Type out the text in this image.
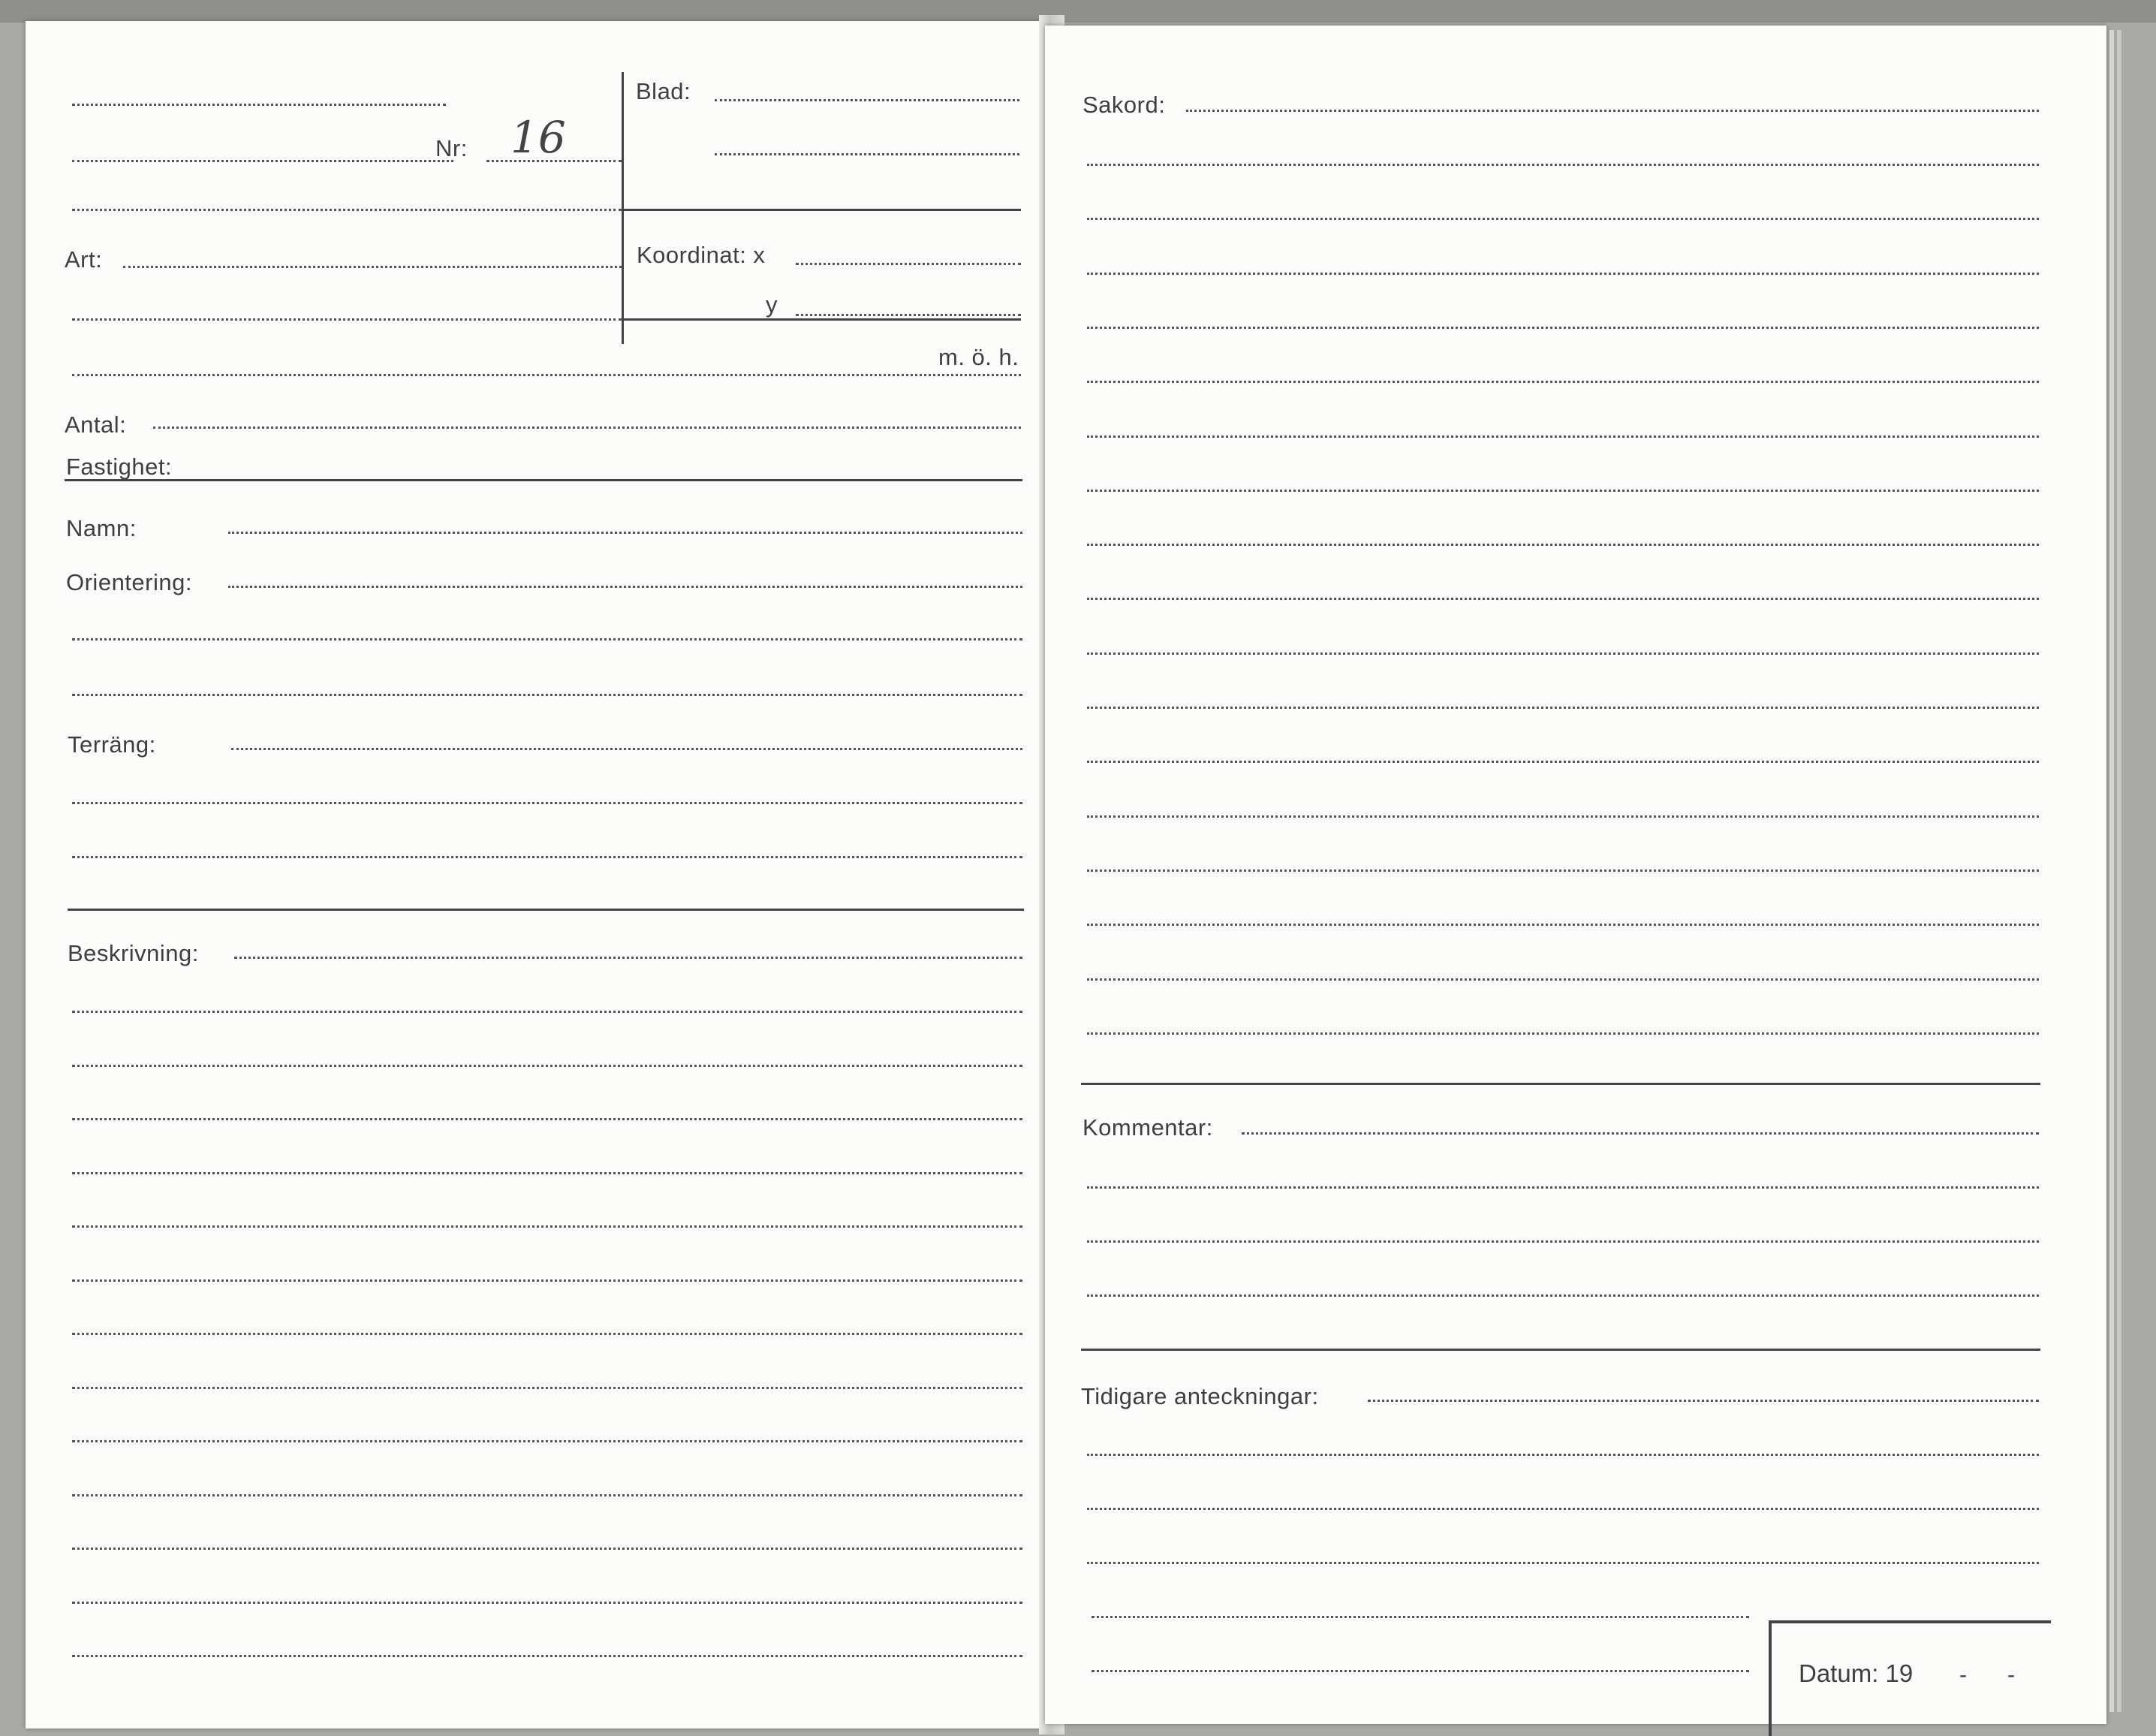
Nr: 16
Blad:
Art:	Koordinat: x
y
m. ö. h.
Antal:
Fastighet:
Namn:
Orientering:
Terräng:
Beskrivning:
Sakord:
Kommentar:
Tidigare anteckningar:
Datum: 19 - -
